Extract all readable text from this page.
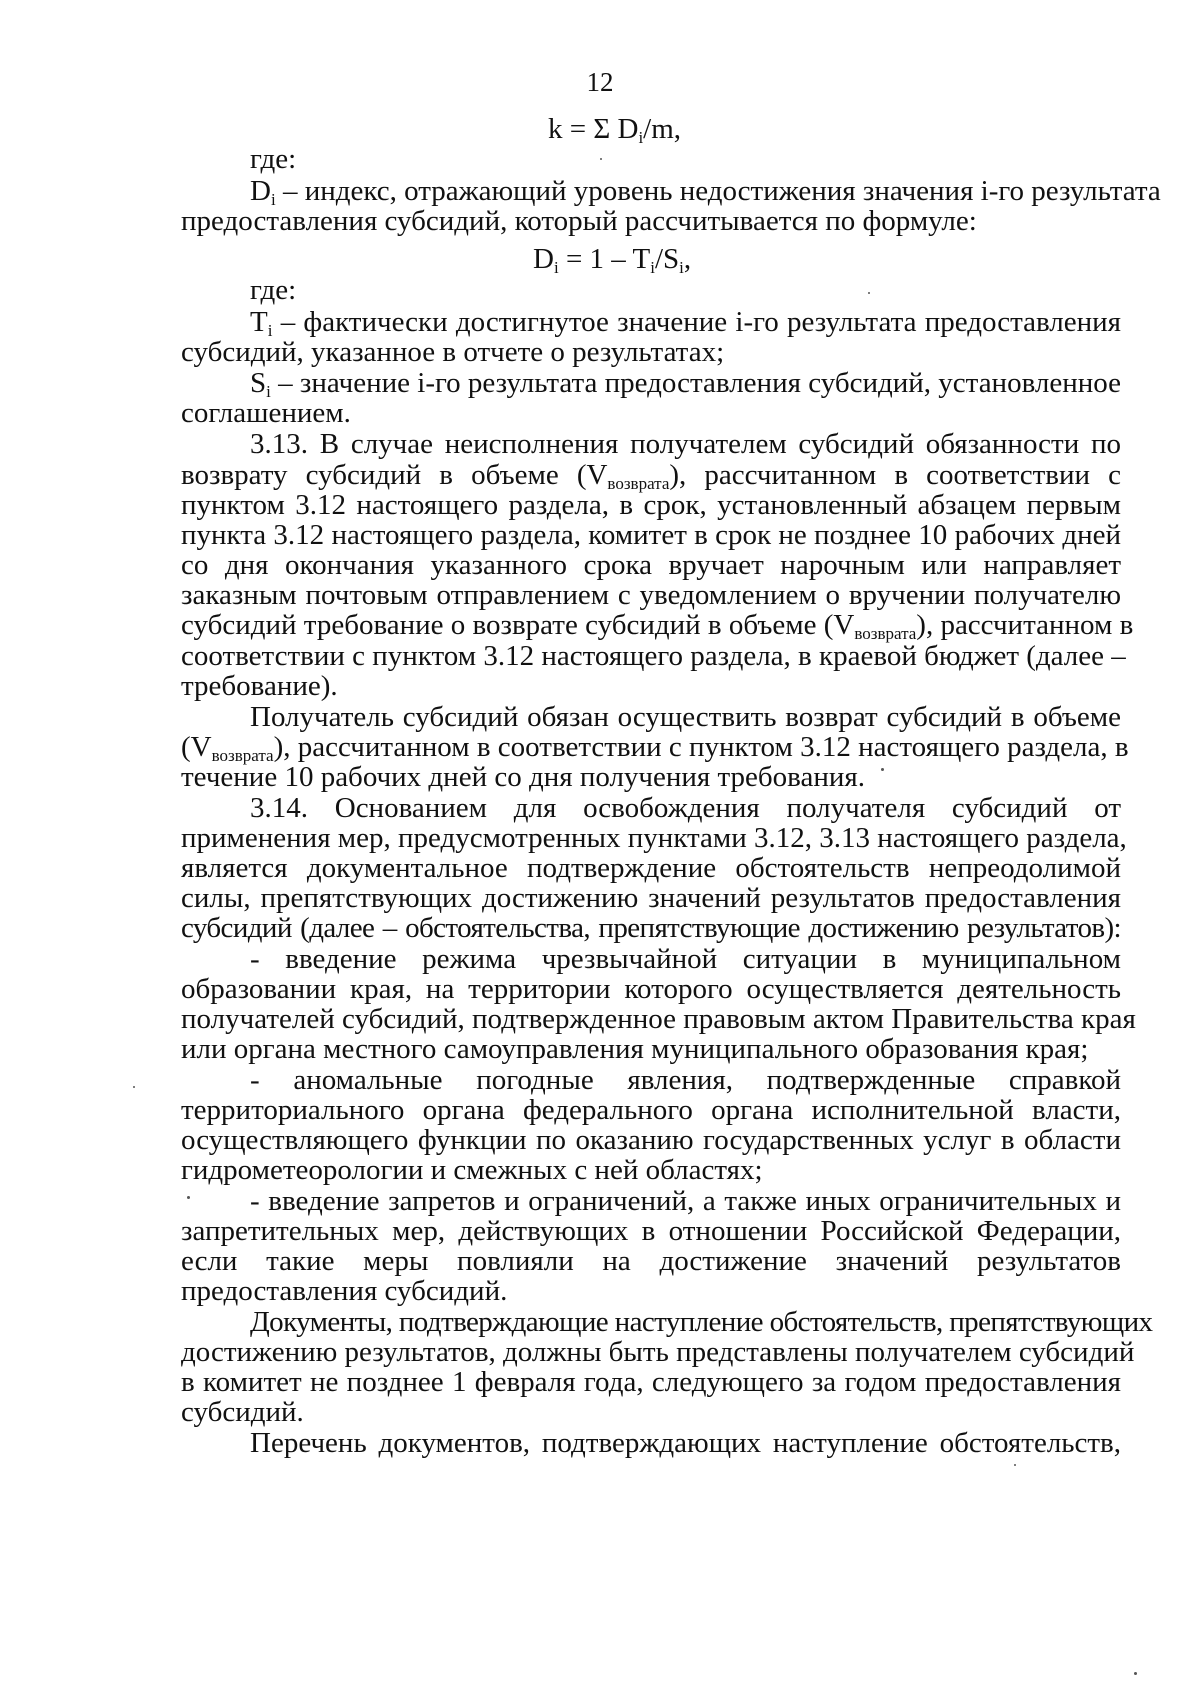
12
k = Σ $D_i/m$,
где:
$D_i$ – индекс, отражающий уровень недостижения значения i-го результата
предоставления субсидий, который рассчитывается по формуле:
$D_i = 1 - T_i/S_i$,
где:
$T_i$ – фактически достигнутое значение i-го результата предоставления
субсидий, указанное в отчете о результатах;
$S_i$ – значение i-го результата предоставления субсидий, установленное
соглашением.
3.13. В случае неисполнения получателем субсидий обязанности по
возврату субсидий в объеме $(V_{возврата})$, рассчитанном в соответствии с
пунктом 3.12 настоящего раздела, в срок, установленный абзацем первым
пункта 3.12 настоящего раздела, комитет в срок не позднее 10 рабочих дней
со дня окончания указанного срока вручает нарочным или направляет
заказным почтовым отправлением с уведомлением о вручении получателю
субсидий требование о возврате субсидий в объеме $(V_{возврата})$, рассчитанном в
соответствии с пунктом 3.12 настоящего раздела, в краевой бюджет (далее –
требование).
Получатель субсидий обязан осуществить возврат субсидий в объеме
$(V_{возврата})$, рассчитанном в соответствии с пунктом 3.12 настоящего раздела, в
течение 10 рабочих дней со дня получения требования.
3.14. Основанием для освобождения получателя субсидий от
применения мер, предусмотренных пунктами 3.12, 3.13 настоящего раздела,
является документальное подтверждение обстоятельств непреодолимой
силы, препятствующих достижению значений результатов предоставления
субсидий (далее – обстоятельства, препятствующие достижению результатов):
- введение режима чрезвычайной ситуации в муниципальном
образовании края, на территории которого осуществляется деятельность
получателей субсидий, подтвержденное правовым актом Правительства края
или органа местного самоуправления муниципального образования края;
- аномальные погодные явления, подтвержденные справкой
территориального органа федерального органа исполнительной власти,
осуществляющего функции по оказанию государственных услуг в области
гидрометеорологии и смежных с ней областях;
- введение запретов и ограничений, а также иных ограничительных и
запретительных мер, действующих в отношении Российской Федерации,
если такие меры повлияли на достижение значений результатов
предоставления субсидий.
Документы, подтверждающие наступление обстоятельств, препятствующих
достижению результатов, должны быть представлены получателем субсидий
в комитет не позднее 1 февраля года, следующего за годом предоставления
субсидий.
Перечень документов, подтверждающих наступление обстоятельств,
